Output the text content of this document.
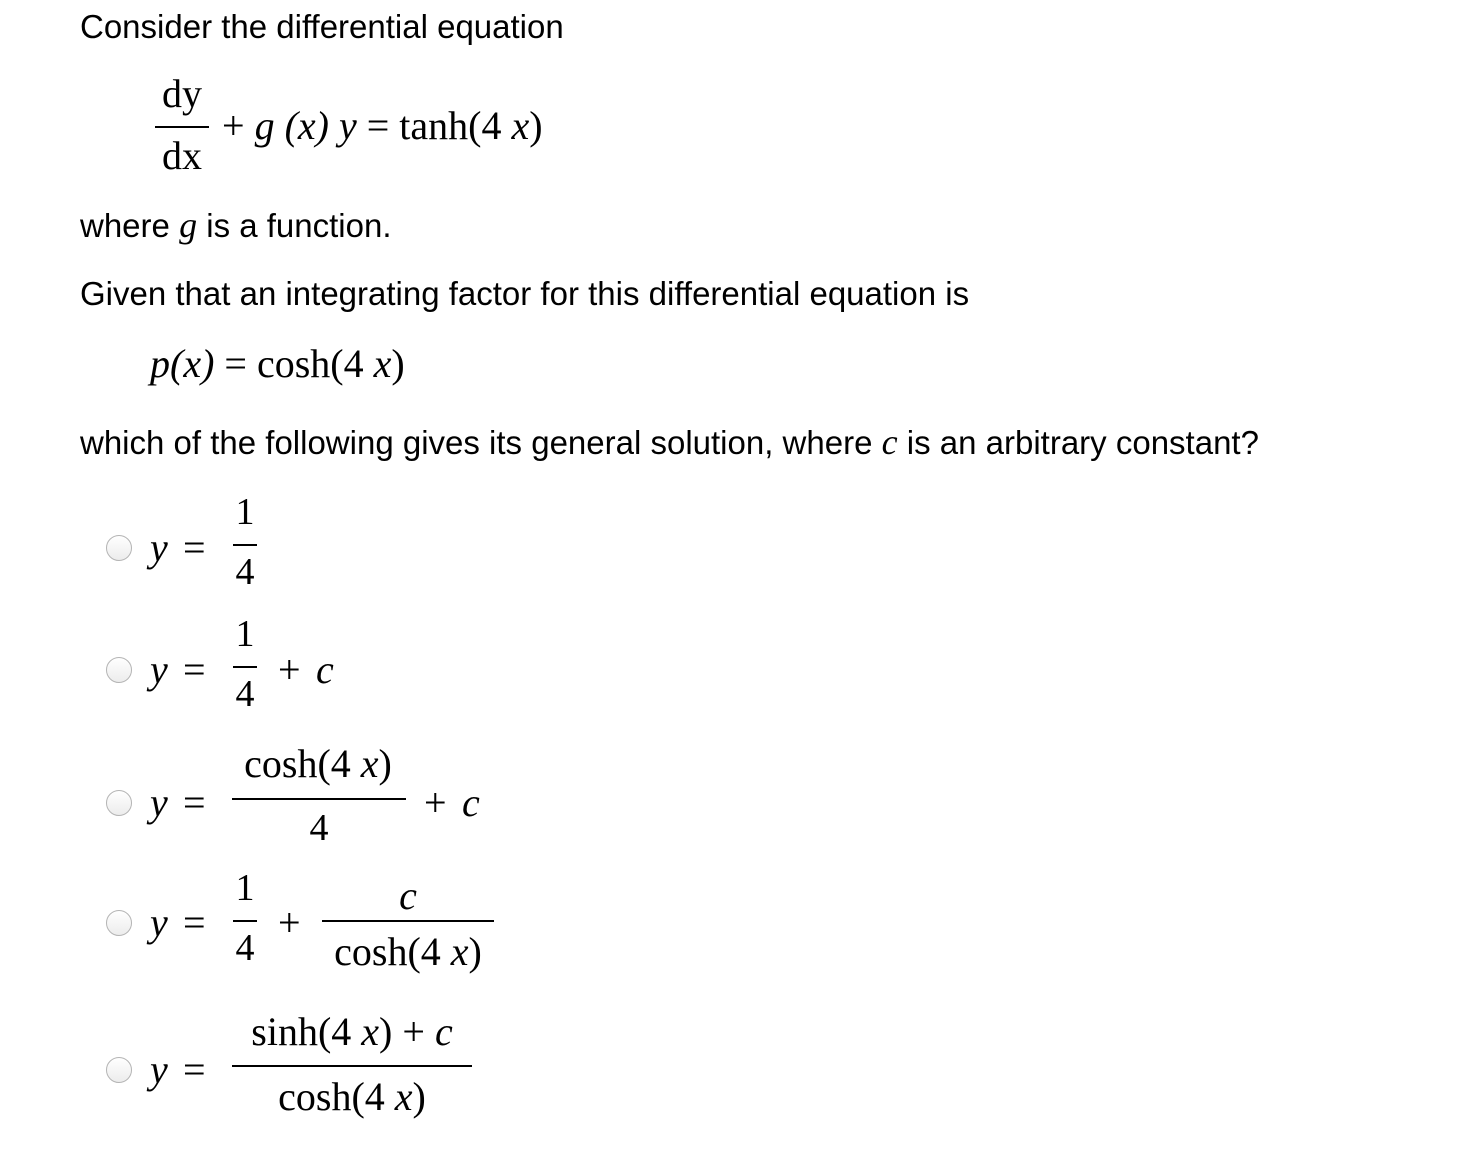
Consider the differential equation
dy
dx
+ g (x) y = tanh(4 x)
where g is a function.
Given that an integrating factor for this differential equation is
p(x) = cosh(4 x)
which of the following gives its general solution, where c is an arbitrary constant?
y =
1
4
y =
1
4
+ c
y =
cosh(4 x)
4
+ c
y =
1
4
+
c
cosh(4 x)
y =
sinh(4 x) + c
cosh(4 x)
